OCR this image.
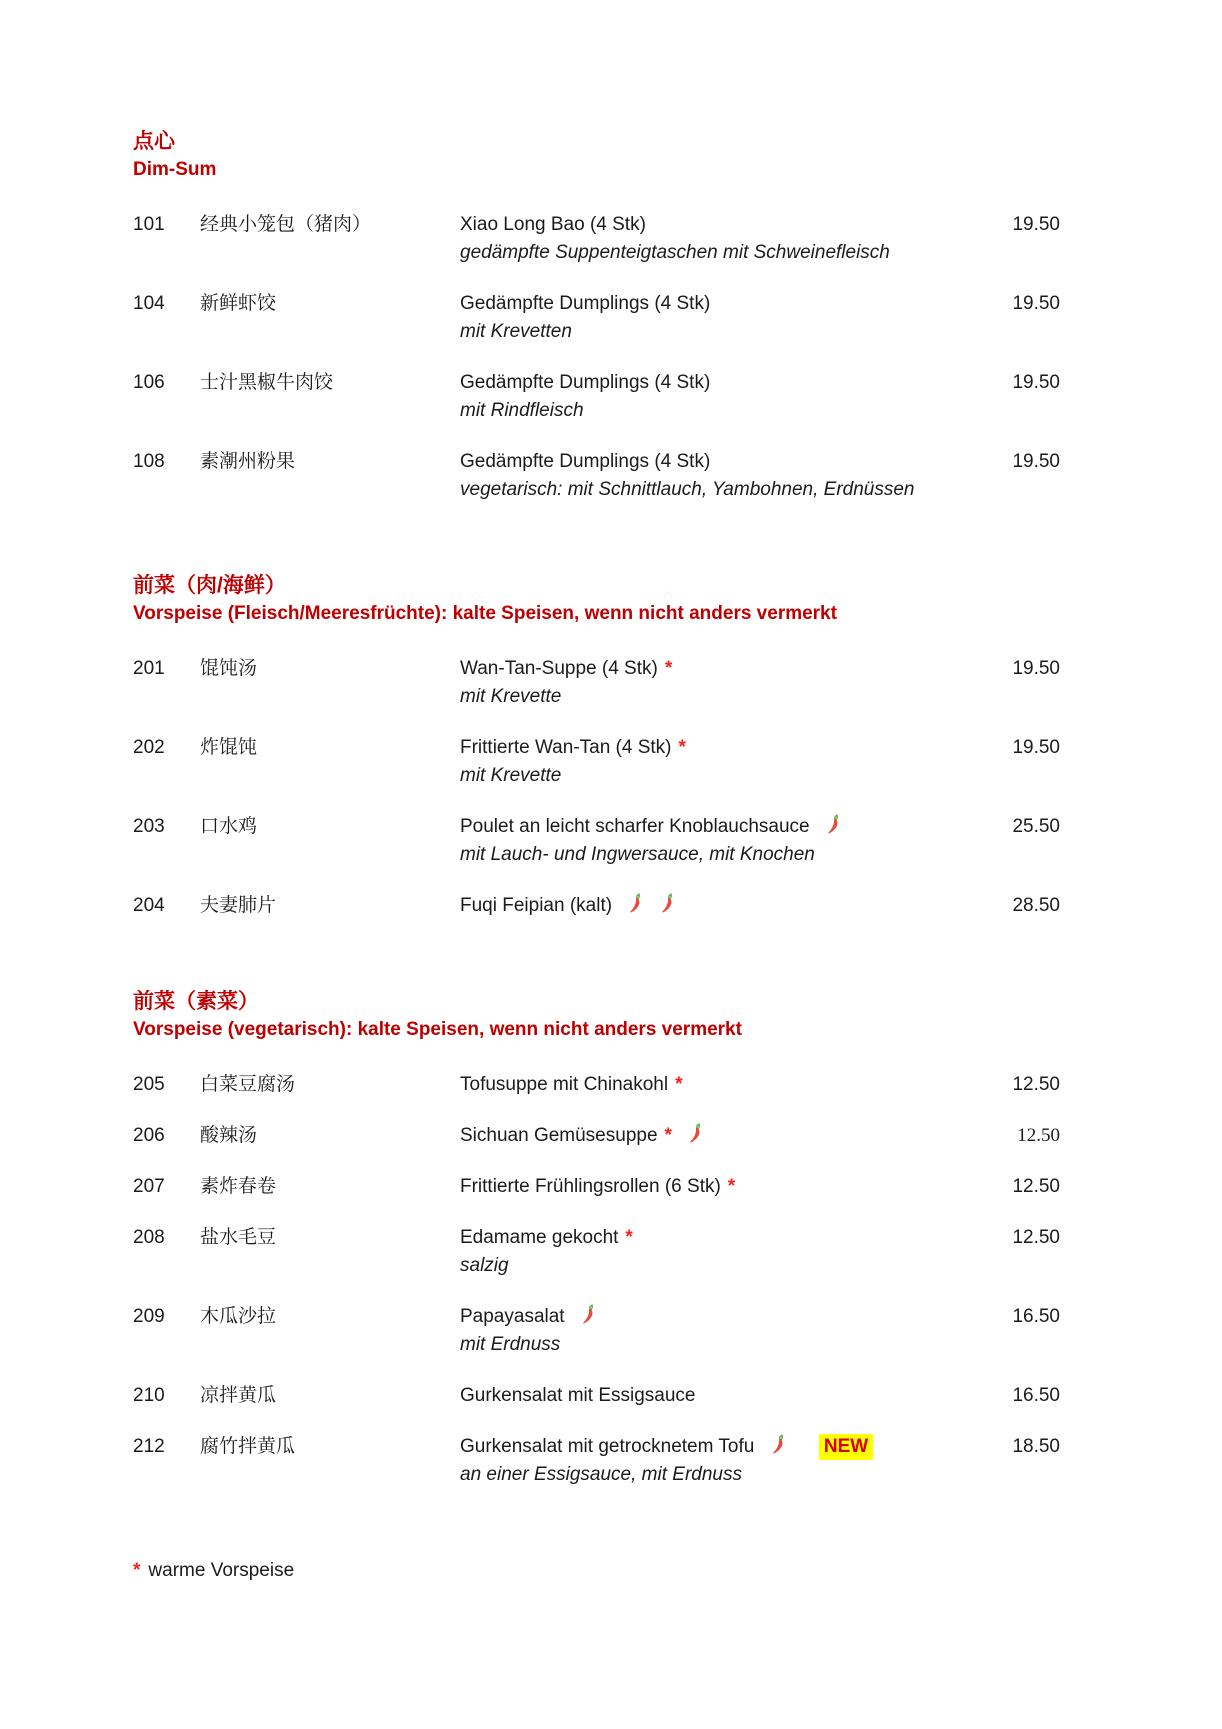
点心
Dim-Sum
101	经典小笼包（猪肉）	Xiao Long Bao (4 Stk)	19.50
gedämpfte Suppenteigtaschen mit Schweinefleisch
104	新鲜虾饺	Gedämpfte Dumplings (4 Stk)	19.50
mit Krevetten
106	士汁黑椒牛肉饺	Gedämpfte Dumplings (4 Stk)	19.50
mit Rindfleisch
108	素潮州粉果	Gedämpfte Dumplings (4 Stk)	19.50
vegetarisch: mit Schnittlauch, Yambohnen, Erdnüssen
前菜（肉/海鲜）
Vorspeise (Fleisch/Meeresfrüchte): kalte Speisen, wenn nicht anders vermerkt
201	馄饨汤	Wan-Tan-Suppe (4 Stk) *	19.50
mit Krevette
202	炸馄饨	Frittierte Wan-Tan (4 Stk) *	19.50
mit Krevette
203	口水鸡	Poulet an leicht scharfer Knoblauchsauce	25.50
mit Lauch- und Ingwersauce, mit Knochen
204	夫妻肺片	Fuqi Feipian (kalt)	28.50
前菜（素菜）
Vorspeise (vegetarisch): kalte Speisen, wenn nicht anders vermerkt
205	白菜豆腐汤	Tofusuppe mit Chinakohl *	12.50
206	酸辣汤	Sichuan Gemüsesuppe *	12.50
207	素炸春卷	Frittierte Frühlingsrollen (6 Stk) *	12.50
208	盐水毛豆	Edamame gekocht *	12.50
salzig
209	木瓜沙拉	Papayasalat	16.50
mit Erdnuss
210	凉拌黄瓜	Gurkensalat mit Essigsauce	16.50
212	腐竹拌黄瓜	Gurkensalat mit getrocknetem Tofu	NEW	18.50
an einer Essigsauce, mit Erdnuss
* warme Vorspeise
